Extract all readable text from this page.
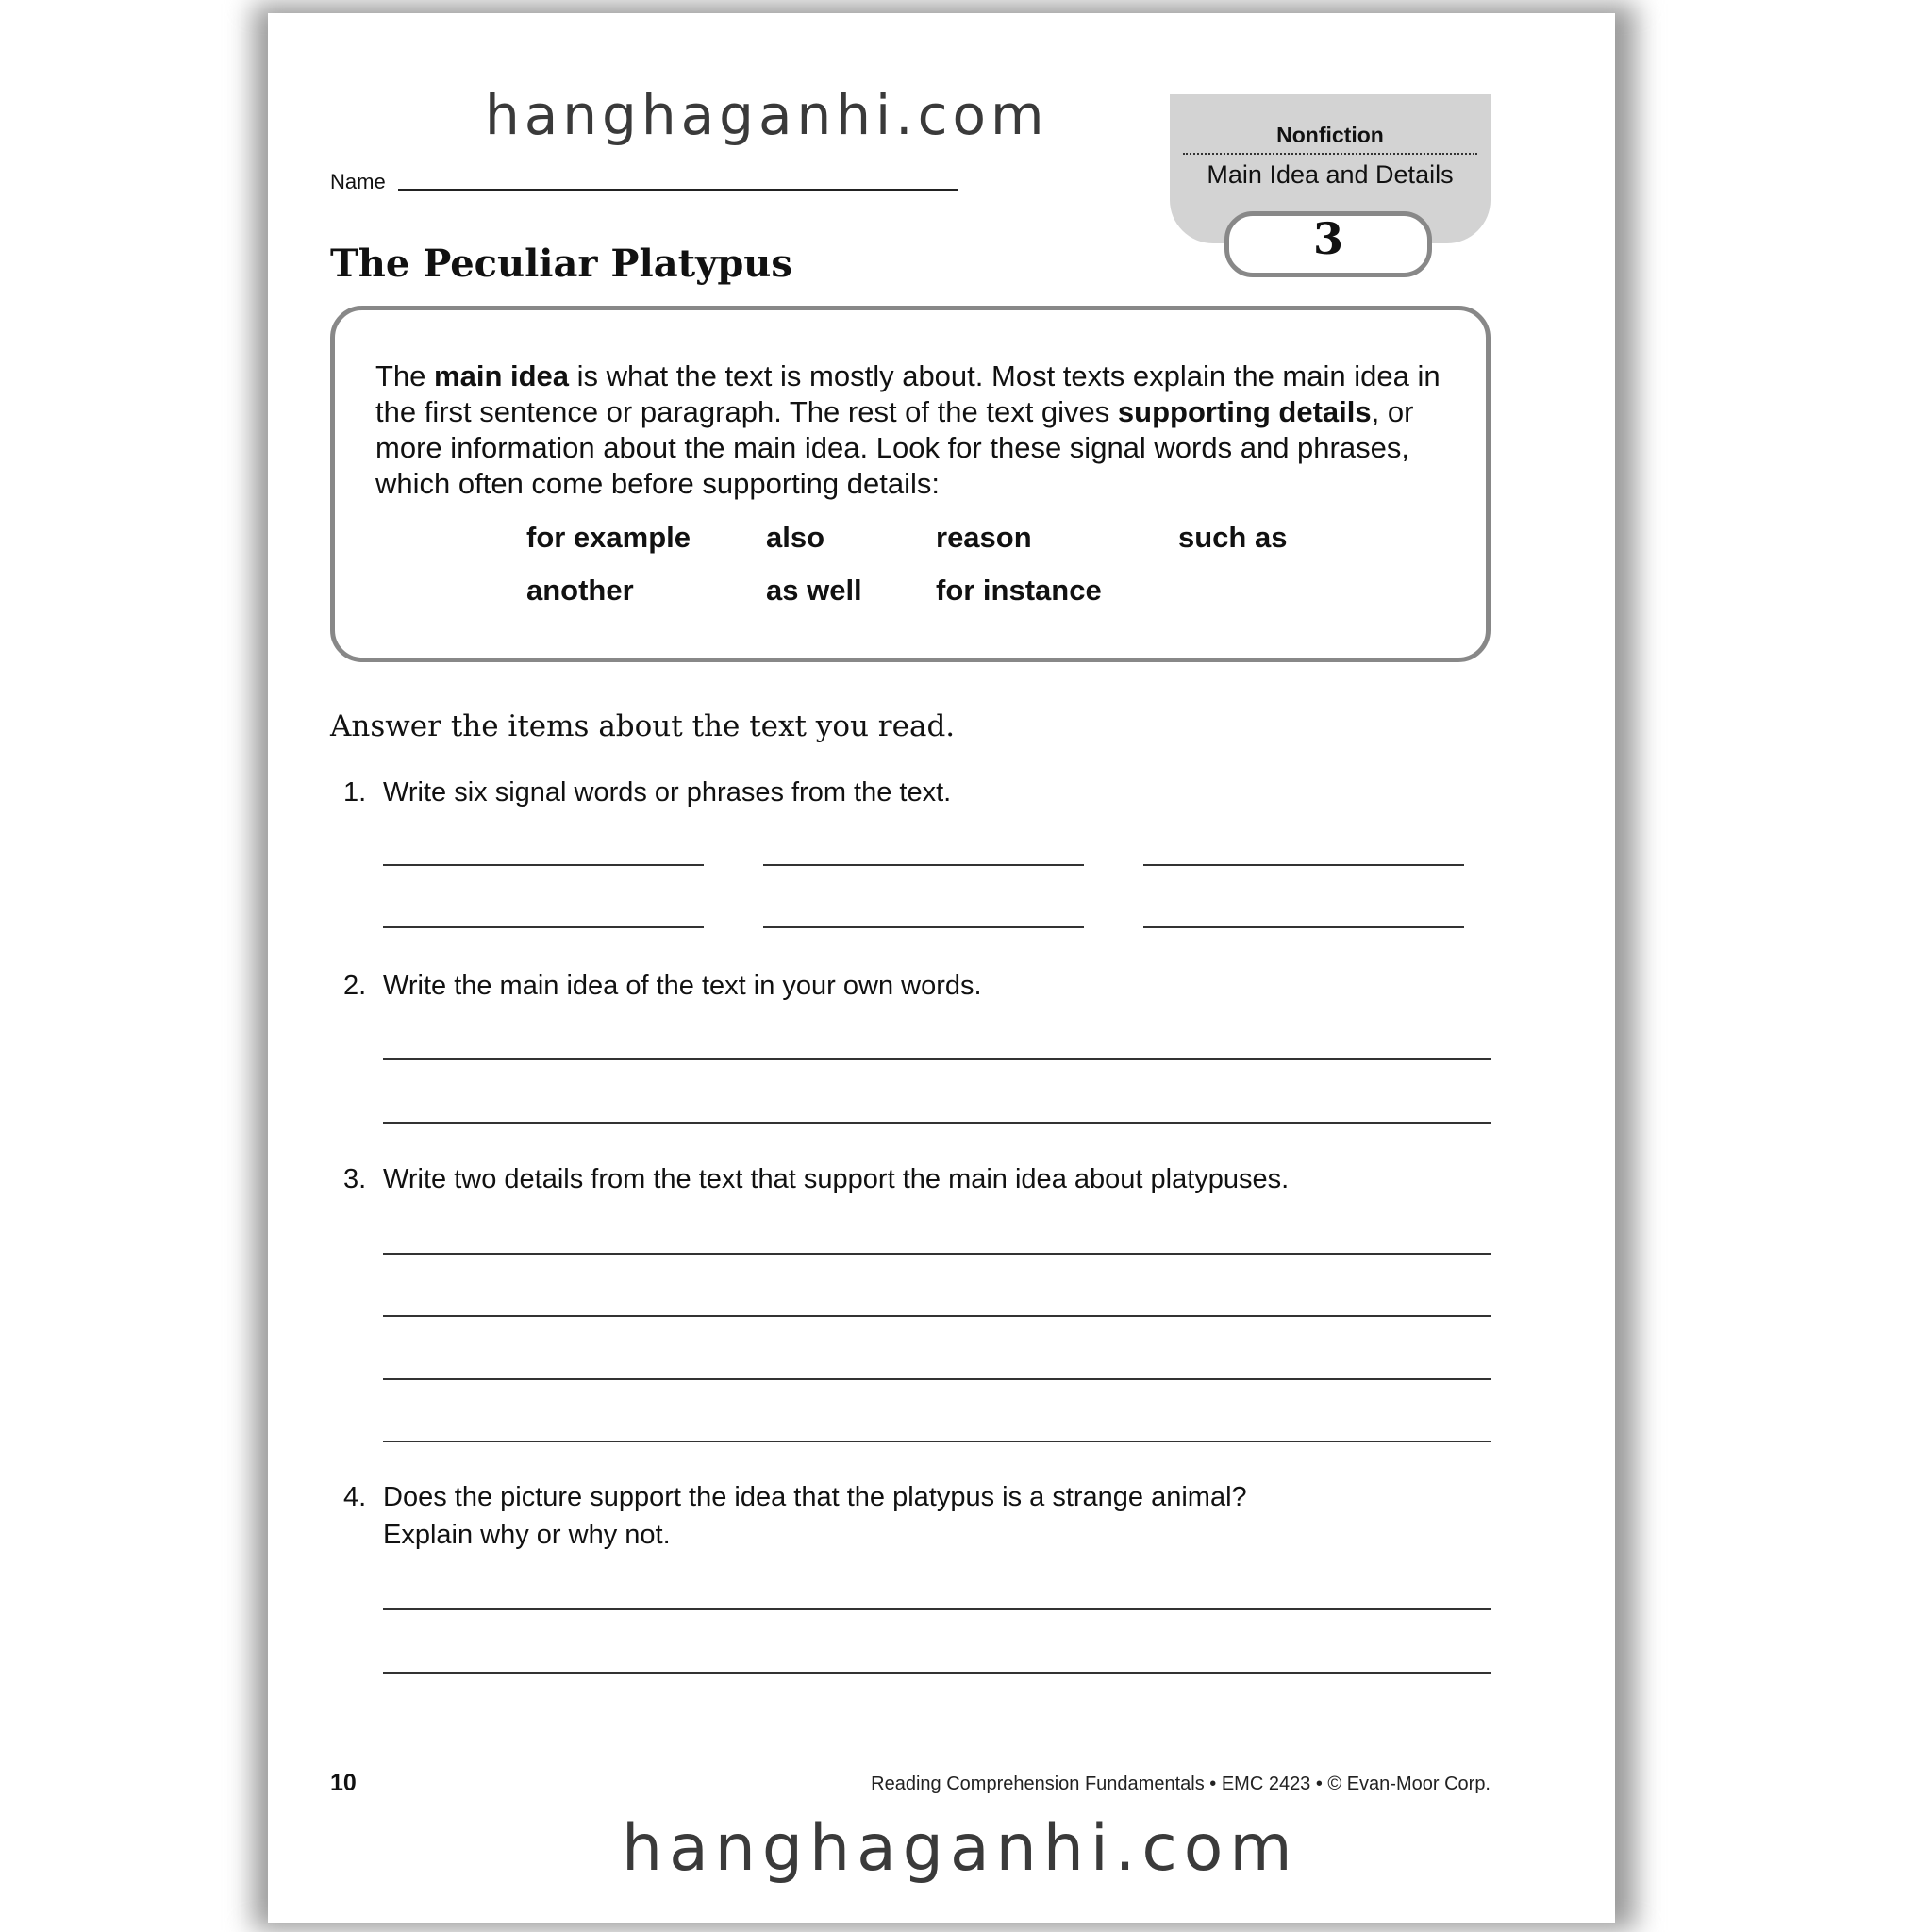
hanghaganhi.com
Name
The Peculiar Platypus
Nonfiction
Main Idea and Details
3
The main idea is what the text is mostly about. Most texts explain the main idea in the first sentence or paragraph. The rest of the text gives supporting details, or more information about the main idea. Look for these signal words and phrases, which often come before supporting details:
for example	also	reason	such as
another	as well	for instance
Answer the items about the text you read.
1. Write six signal words or phrases from the text.
2. Write the main idea of the text in your own words.
3. Write two details from the text that support the main idea about platypuses.
4. Does the picture support the idea that the platypus is a strange animal?
Explain why or why not.
10	Reading Comprehension Fundamentals • EMC 2423 • © Evan-Moor Corp.
hanghaganhi.com
